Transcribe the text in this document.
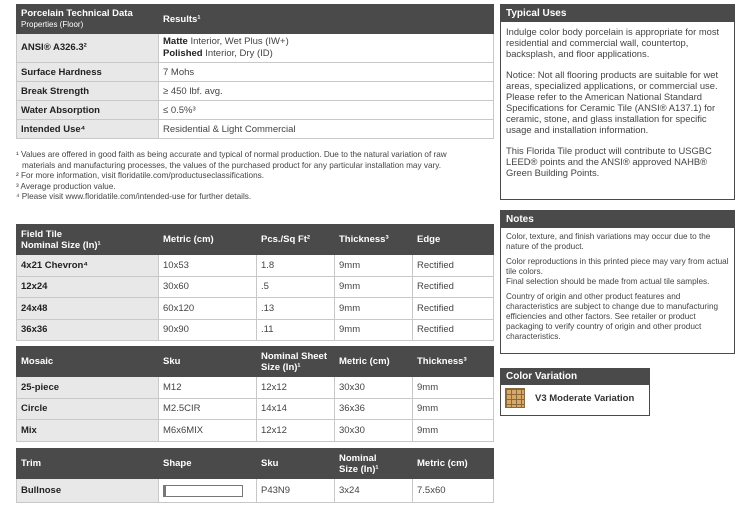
Porcelain Technical Data
Properties (Floor)	Results¹
ANSI® A326.3²	Matte Interior, Wet Plus (IW+)
Polished Interior, Dry (ID)
Surface Hardness	7 Mohs
Break Strength	≥ 450 lbf. avg.
Water Absorption	≤ 0.5%³
Intended Use⁴	Residential & Light Commercial

¹ Values are offered in good faith as being accurate and typical of normal production. Due to the natural variation of raw

materials and manufacturing processes, the values of the purchased product for any particular installation may vary.

² For more information, visit floridatile.com/productuseclassifications.

³ Average production value.

⁴ Please visit www.floridatile.com/intended-use for further details.

Field Tile
Nominal Size (In)¹	Metric (cm)	Pcs./Sq Ft²	Thickness³	Edge
4x21 Chevron⁴	10x53	1.8	9mm	Rectified
12x24	30x60	.5	9mm	Rectified
24x48	60x120	.13	9mm	Rectified
36x36	90x90	.11	9mm	Rectified
Mosaic	Sku	Nominal Sheet
Size (In)¹	Metric (cm)	Thickness³
25-piece	M12	12x12	30x30	9mm
Circle	M2.5CIR	14x14	36x36	9mm
Mix	M6x6MIX	12x12	30x30	9mm
Trim	Shape	Sku	Nominal
Size (In)¹	Metric (cm)
Bullnose		P43N9	3x24	7.5x60
Typical Uses

Indulge color body porcelain is appropriate for most residential and commercial wall, countertop, backsplash, and floor applications.

Notice: Not all flooring products are suitable for wet areas, specialized applications, or commercial use. Please refer to the American National Standard Specifications for Ceramic Tile (ANSI® A137.1) for ceramic, stone, and glass installation for specific usage and installation information.

This Florida Tile product will contribute to USGBC LEED® points and the ANSI® approved NAHB® Green Building Points.

Notes

Color, texture, and finish variations may occur due to the nature of the product.

Color reproductions in this printed piece may vary from actual tile colors.
Final selection should be made from actual tile samples.

Country of origin and other product features and characteristics are subject to change due to manufacturing efficiencies and other factors. See retailer or product packaging to verify country of origin and other product characteristics.

Color Variation
V3 Moderate Variation
